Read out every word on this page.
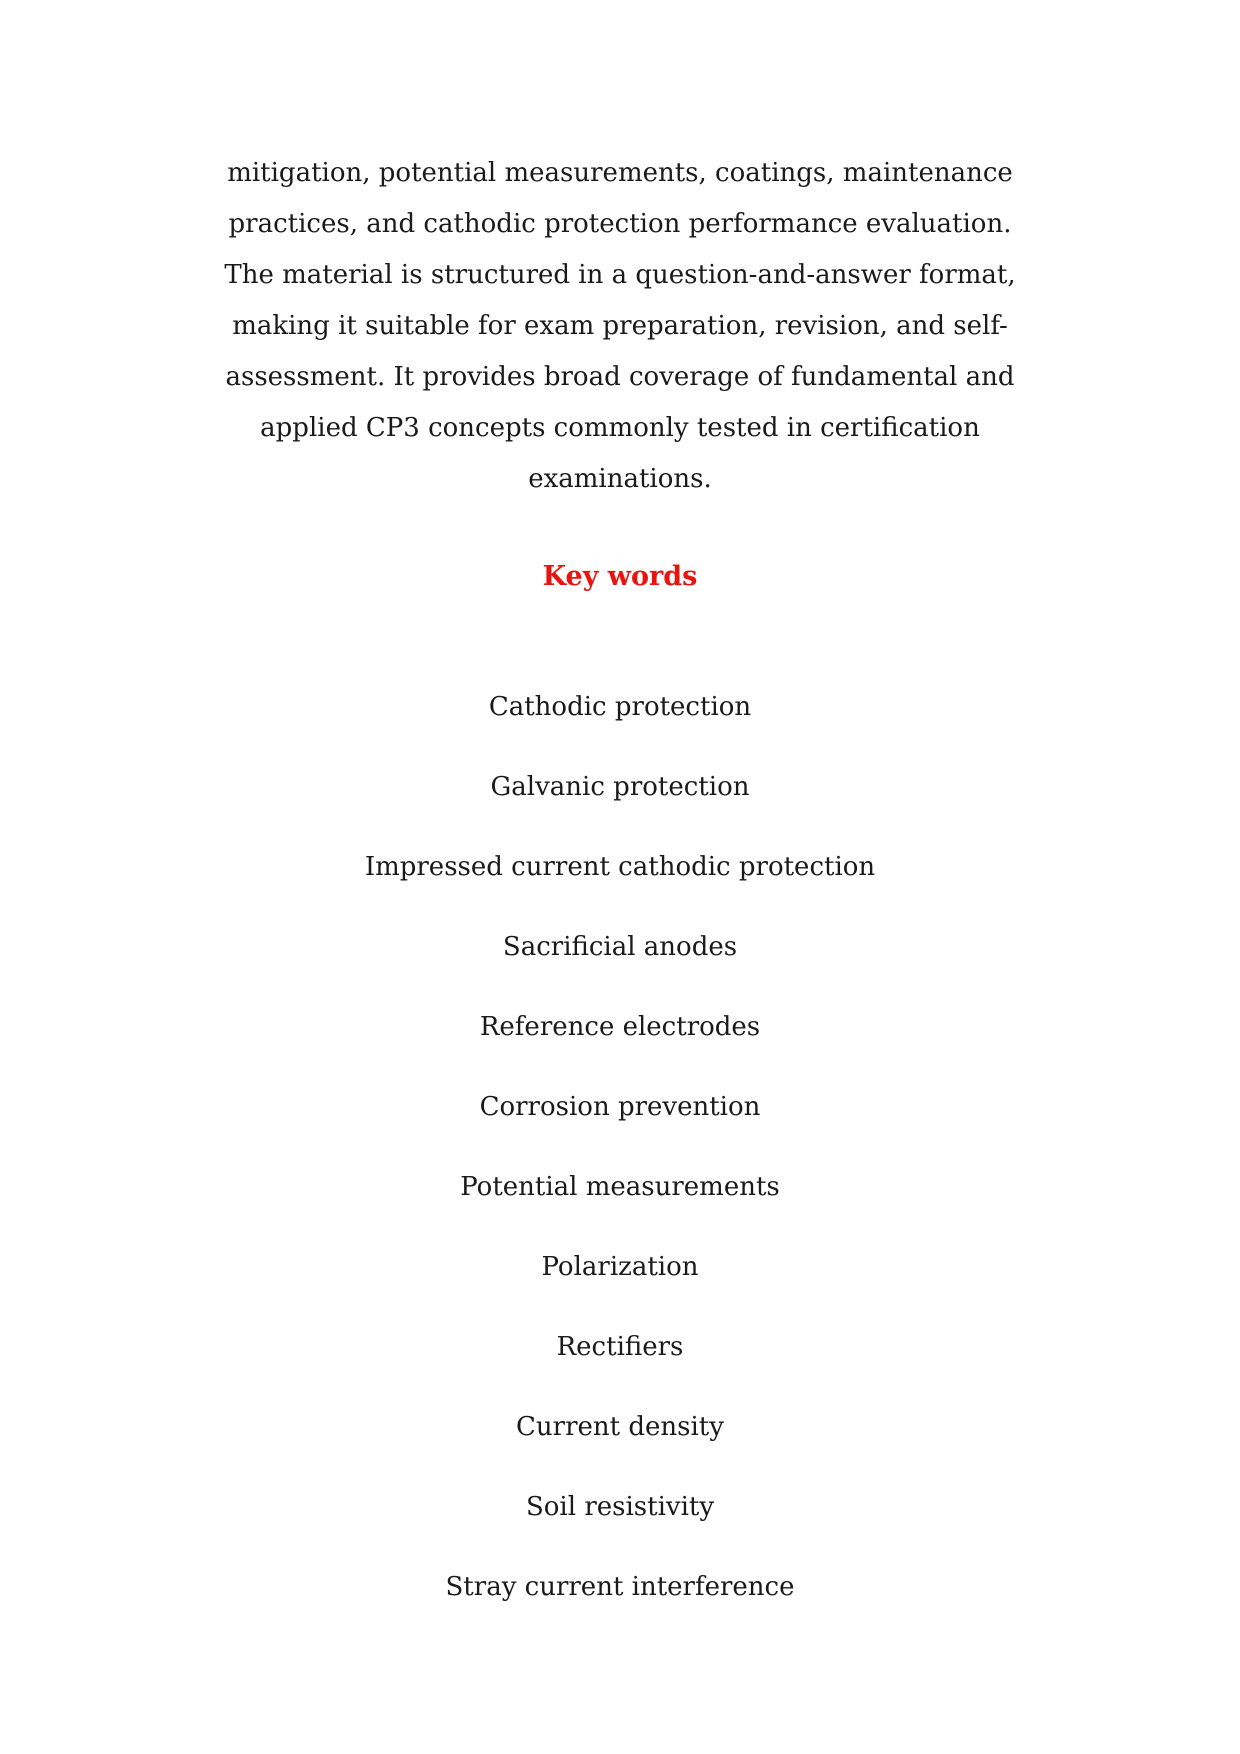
mitigation, potential measurements, coatings, maintenance
practices, and cathodic protection performance evaluation.
The material is structured in a question-and-answer format,
making it suitable for exam preparation, revision, and self-
assessment. It provides broad coverage of fundamental and
applied CP3 concepts commonly tested in certification
examinations.
Key words
Cathodic protection
Galvanic protection
Impressed current cathodic protection
Sacrificial anodes
Reference electrodes
Corrosion prevention
Potential measurements
Polarization
Rectifiers
Current density
Soil resistivity
Stray current interference
